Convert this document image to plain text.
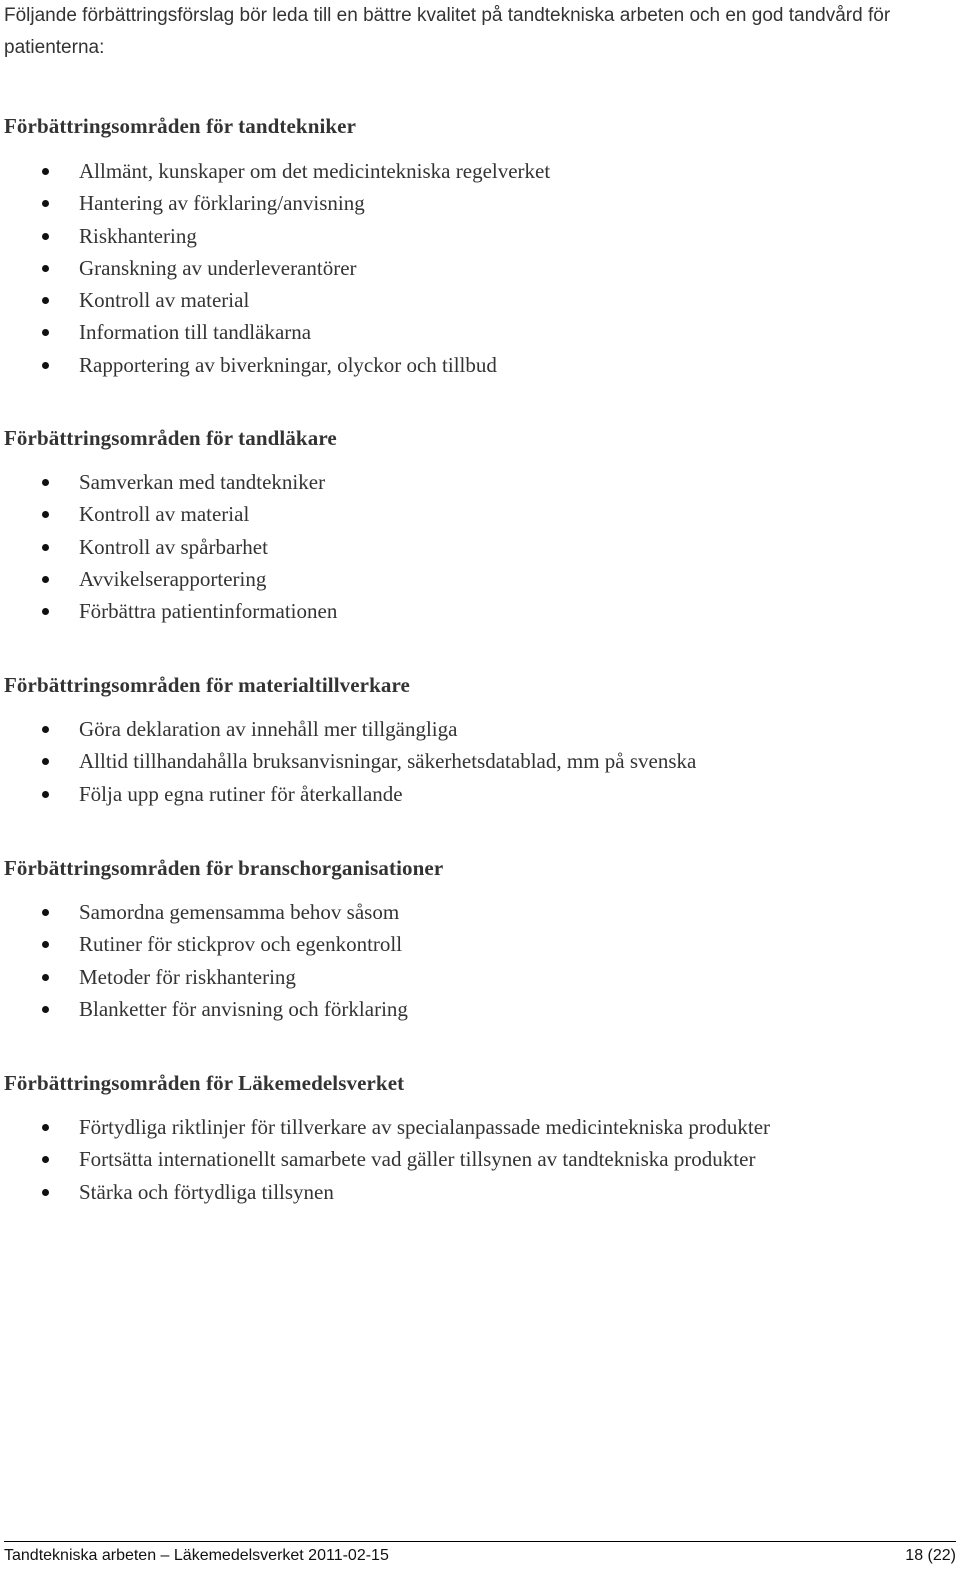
Följande förbättringsförslag bör leda till en bättre kvalitet på tandtekniska arbeten och en god tandvård för patienterna:

Förbättringsområden för tandtekniker
Allmänt, kunskaper om det medicintekniska regelverket
Hantering av förklaring/anvisning
Riskhantering
Granskning av underleverantörer
Kontroll av material
Information till tandläkarna
Rapportering av biverkningar, olyckor och tillbud
Förbättringsområden för tandläkare
Samverkan med tandtekniker
Kontroll av material
Kontroll av spårbarhet
Avvikelserapportering
Förbättra patientinformationen
Förbättringsområden för materialtillverkare
Göra deklaration av innehåll mer tillgängliga
Alltid tillhandahålla bruksanvisningar, säkerhetsdatablad, mm på svenska
Följa upp egna rutiner för återkallande
Förbättringsområden för branschorganisationer
Samordna gemensamma behov såsom
Rutiner för stickprov och egenkontroll
Metoder för riskhantering
Blanketter för anvisning och förklaring
Förbättringsområden för Läkemedelsverket
Förtydliga riktlinjer för tillverkare av specialanpassade medicintekniska produkter
Fortsätta internationellt samarbete vad gäller tillsynen av tandtekniska produkter
Stärka och förtydliga tillsynen
Tandtekniska arbeten – Läkemedelsverket 2011-02-15	18 (22)
